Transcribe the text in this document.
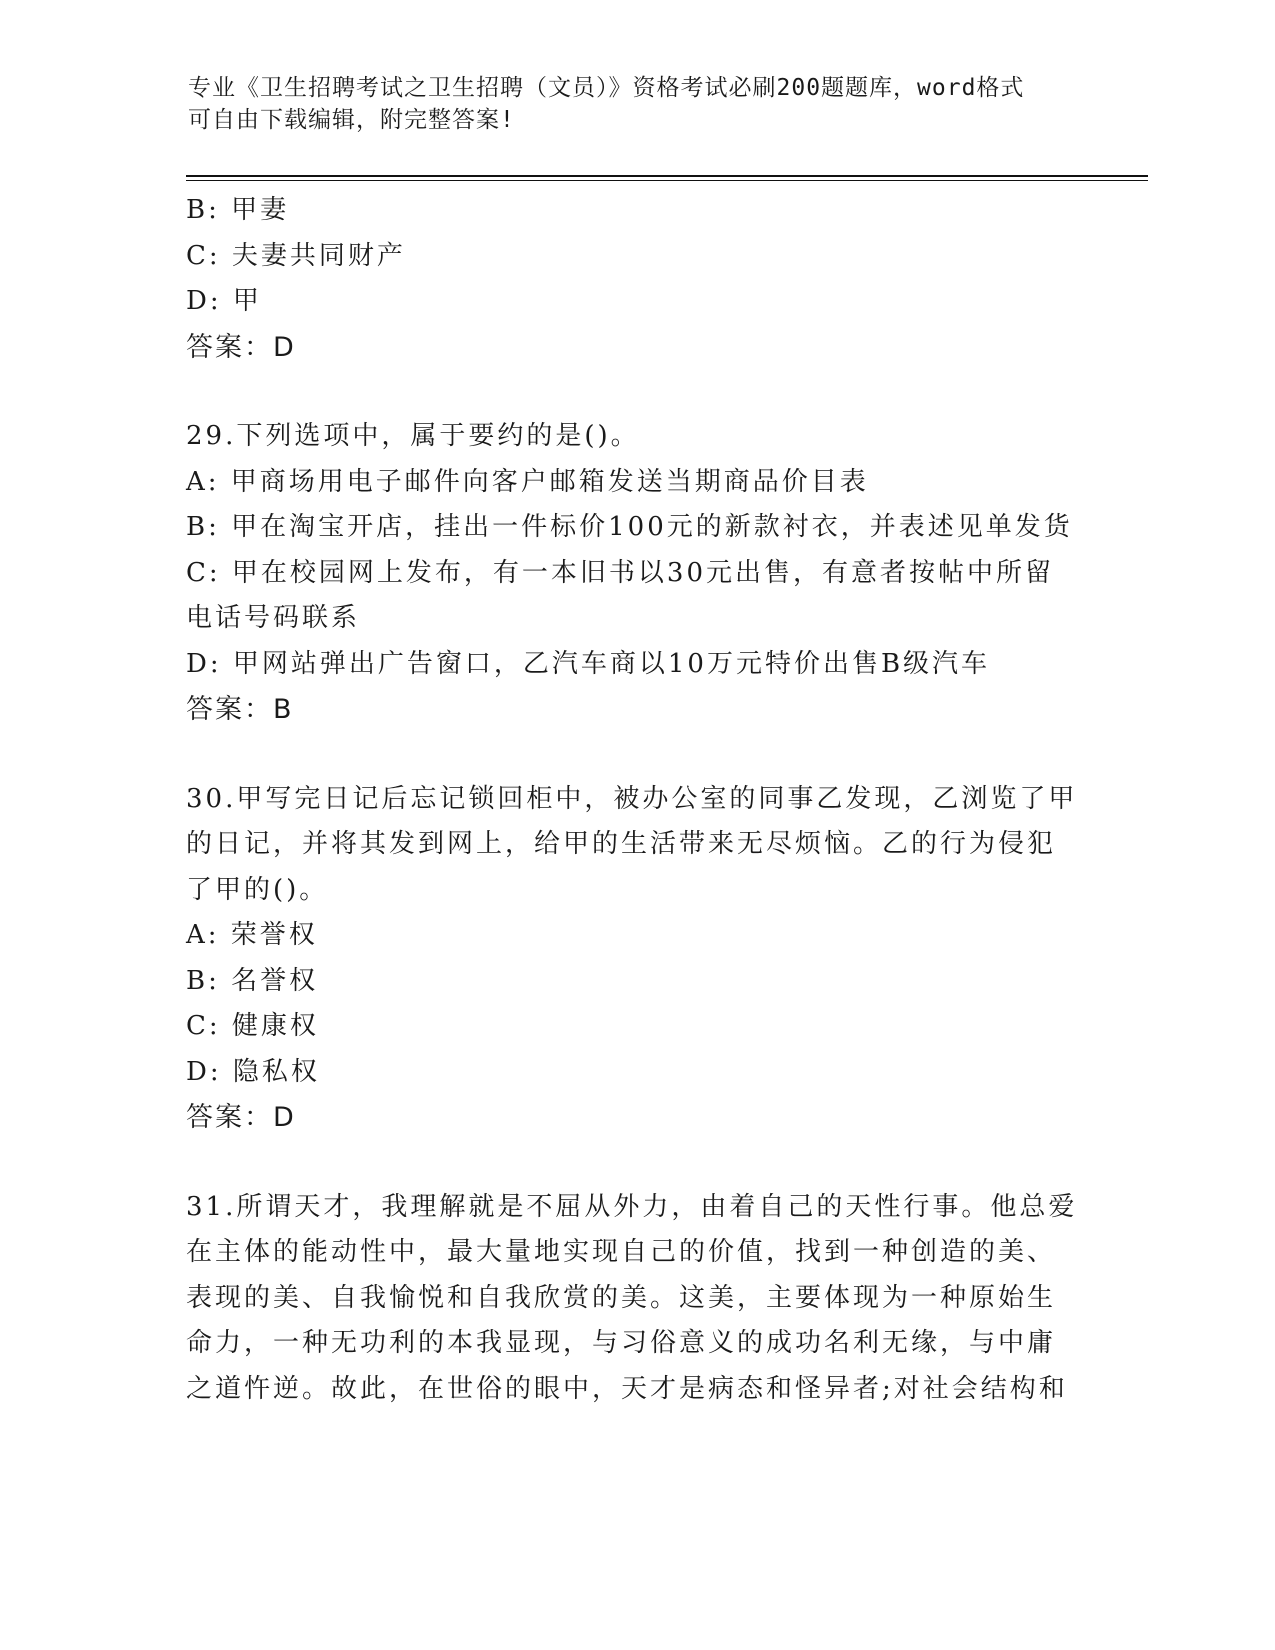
专业《卫生招聘考试之卫生招聘（文员）》资格考试必刷200题题库，word格式
可自由下载编辑，附完整答案!
B: 甲妻
C: 夫妻共同财产
D: 甲
答案：D
29.下列选项中，属于要约的是()。
A: 甲商场用电子邮件向客户邮箱发送当期商品价目表
B: 甲在淘宝开店，挂出一件标价100元的新款衬衣，并表述见单发货
C: 甲在校园网上发布，有一本旧书以30元出售，有意者按帖中所留
电话号码联系
D: 甲网站弹出广告窗口，乙汽车商以10万元特价出售B级汽车
答案：B
30.甲写完日记后忘记锁回柜中，被办公室的同事乙发现，乙浏览了甲
的日记，并将其发到网上，给甲的生活带来无尽烦恼。乙的行为侵犯
了甲的()。
A: 荣誉权
B: 名誉权
C: 健康权
D: 隐私权
答案：D
31.所谓天才，我理解就是不屈从外力，由着自己的天性行事。他总爱
在主体的能动性中，最大量地实现自己的价值，找到一种创造的美、
表现的美、自我愉悦和自我欣赏的美。这美，主要体现为一种原始生
命力，一种无功利的本我显现，与习俗意义的成功名利无缘，与中庸
之道忤逆。故此，在世俗的眼中，天才是病态和怪异者;对社会结构和
